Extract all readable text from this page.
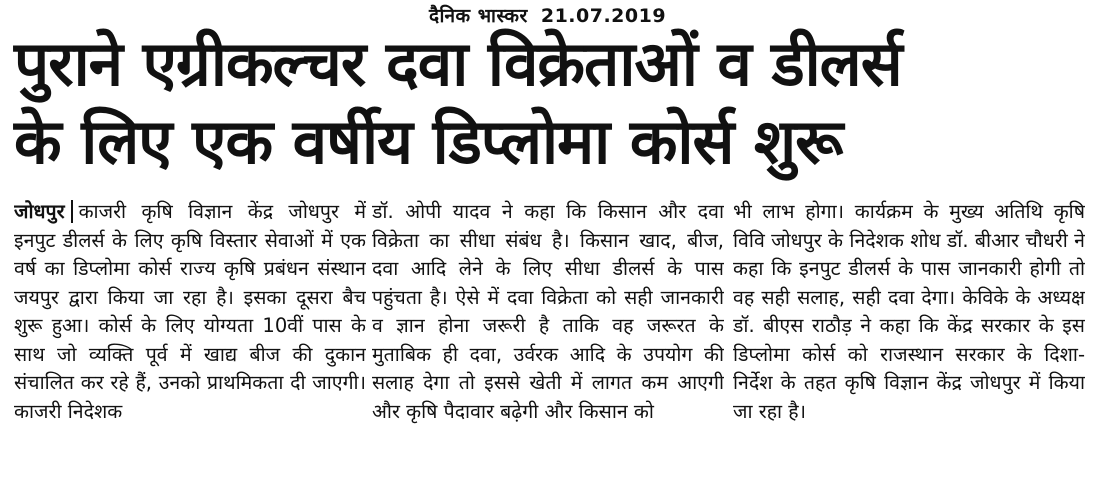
दैनिक भास्कर 21.07.2019
पुराने एग्रीकल्चर दवा विक्रेताओं व डीलर्स
के लिए एक वर्षीय डिप्लोमा कोर्स शुरू
जोधपुर काजरी कृषि विज्ञान केंद्र जोधपुर में इनपुट डीलर्स के लिए कृषि विस्तार सेवाओं में एक वर्ष का डिप्लोमा कोर्स राज्य कृषि प्रबंधन संस्थान जयपुर द्वारा किया जा रहा है। इसका दूसरा बैच शुरू हुआ। कोर्स के लिए योग्यता 10वीं पास के साथ जो व्यक्ति पूर्व में खाद्य बीज की दुकान संचालित कर रहे हैं, उनको प्राथमिकता दी जाएगी। काजरी निदेशक
डॉ. ओपी यादव ने कहा कि किसान और दवा विक्रेता का सीधा संबंध है। किसान खाद, बीज, दवा आदि लेने के लिए सीधा डीलर्स के पास पहुंचता है। ऐसे में दवा विक्रेता को सही जानकारी व ज्ञान होना जरूरी है ताकि वह जरूरत के मुताबिक ही दवा, उर्वरक आदि के उपयोग की सलाह देगा तो इससे खेती में लागत कम आएगी और कृषि पैदावार बढ़ेगी और किसान को
भी लाभ होगा। कार्यक्रम के मुख्य अतिथि कृषि विवि जोधपुर के निदेशक शोध डॉ. बीआर चौधरी ने कहा कि इनपुट डीलर्स के पास जानकारी होगी तो वह सही सलाह, सही दवा देगा। केविके के अध्यक्ष डॉ. बीएस राठौड़ ने कहा कि केंद्र सरकार के इस डिप्लोमा कोर्स को राजस्थान सरकार के दिशा-निर्देश के तहत कृषि विज्ञान केंद्र जोधपुर में किया जा रहा है।
